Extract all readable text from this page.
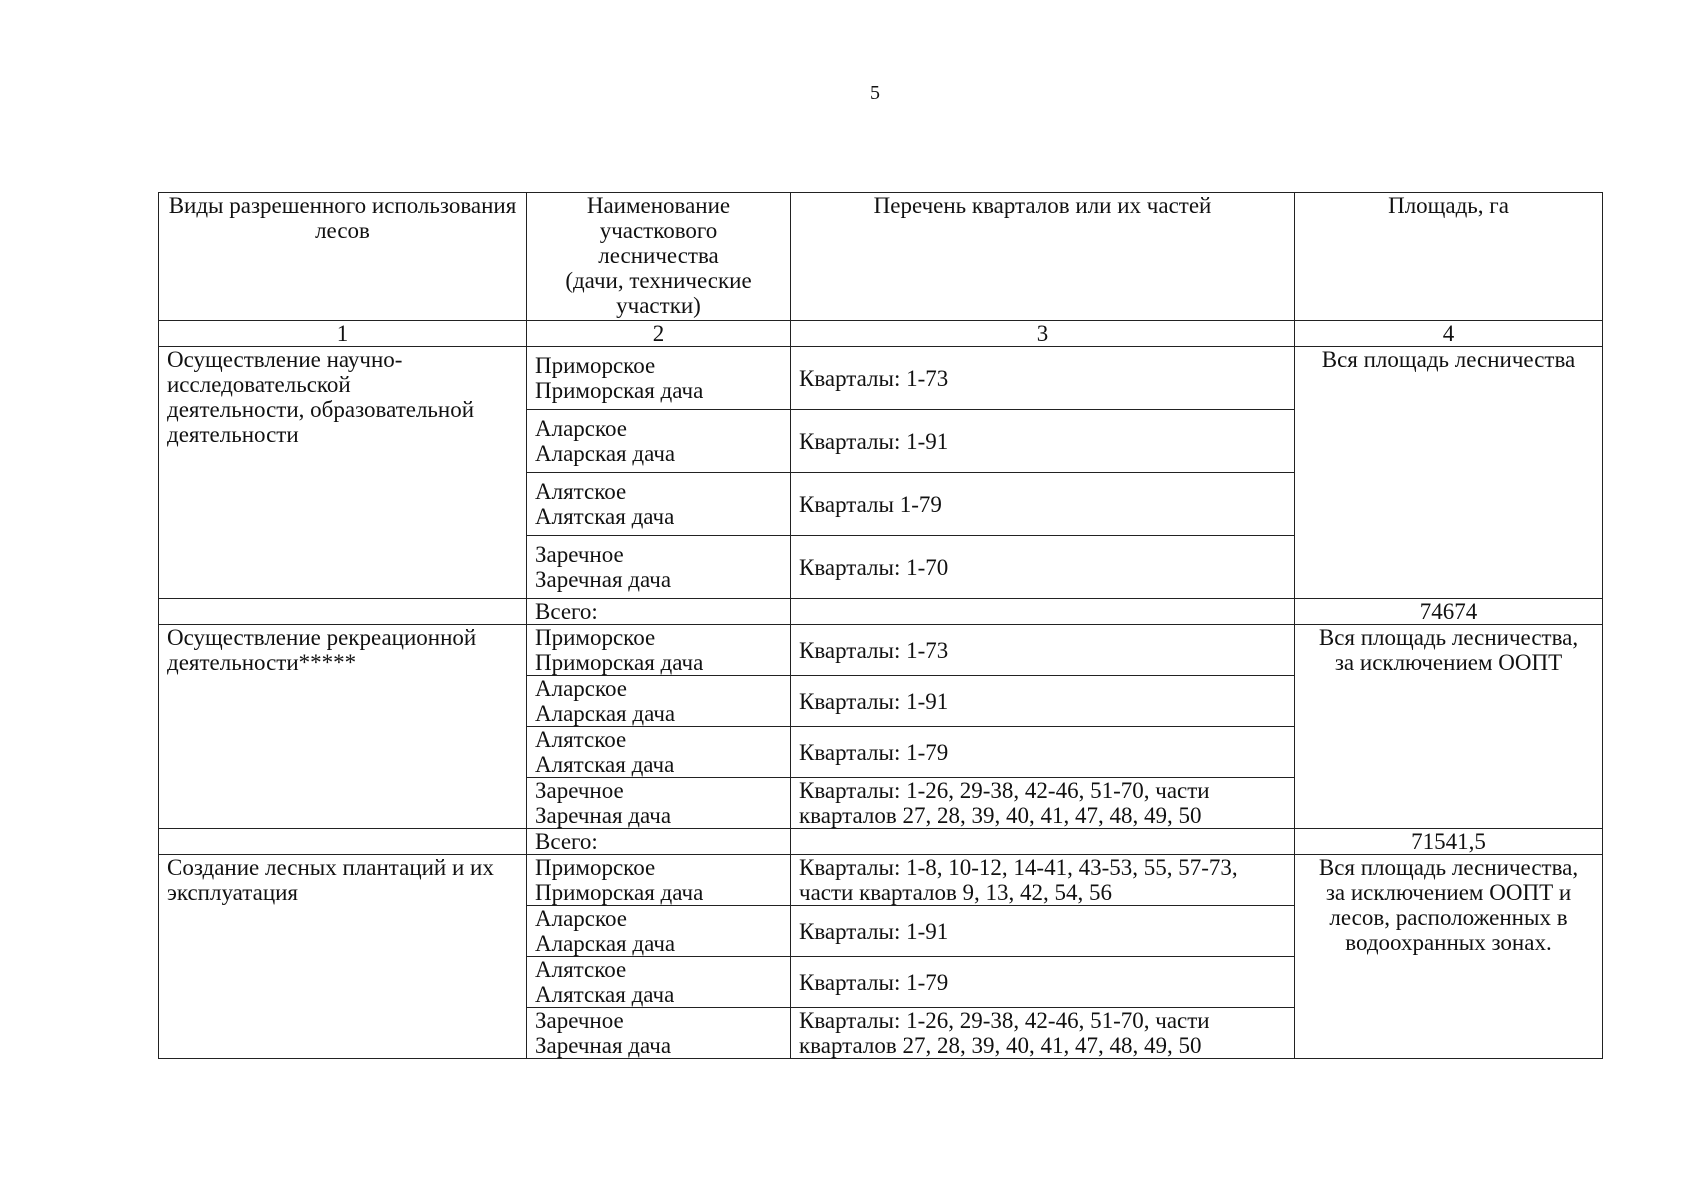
5
Виды разрешенного использования лесов	Наименование
участкового
лесничества
(дачи, технические
участки)	Перечень кварталов или их частей	Площадь, га
1	2	3	4

Осуществление научно-
исследовательской
деятельности, образовательной
деятельности	Приморское
Приморская дача	Кварталы: 1-73	Вся площадь лесничества

	Аларское
Аларская дача	Кварталы: 1-91	

	Алятское
Алятская дача	Кварталы 1-79	

	Заречное
Заречная дача	Кварталы: 1-70	

	Всего:		74674

Осуществление рекреационной
деятельности*****	Приморское
Приморская дача	Кварталы: 1-73	Вся площадь лесничества,
за исключением ООПТ

	Аларское
Аларская дача	Кварталы: 1-91	

	Алятское
Алятская дача	Кварталы: 1-79	

	Заречное
Заречная дача	Кварталы: 1-26, 29-38, 42-46, 51-70, части
кварталов 27, 28, 39, 40, 41, 47, 48, 49, 50	

	Всего:		71541,5

Создание лесных плантаций и их
эксплуатация	Приморское
Приморская дача	Кварталы: 1-8, 10-12, 14-41, 43-53, 55, 57-73,
части кварталов 9, 13, 42, 54, 56	Вся площадь лесничества,
за исключением ООПТ и
лесов, расположенных в
водоохранных зонах.

	Аларское
Аларская дача	Кварталы: 1-91	

	Алятское
Алятская дача	Кварталы: 1-79	

	Заречное
Заречная дача	Кварталы: 1-26, 29-38, 42-46, 51-70, части
кварталов 27, 28, 39, 40, 41, 47, 48, 49, 50	
